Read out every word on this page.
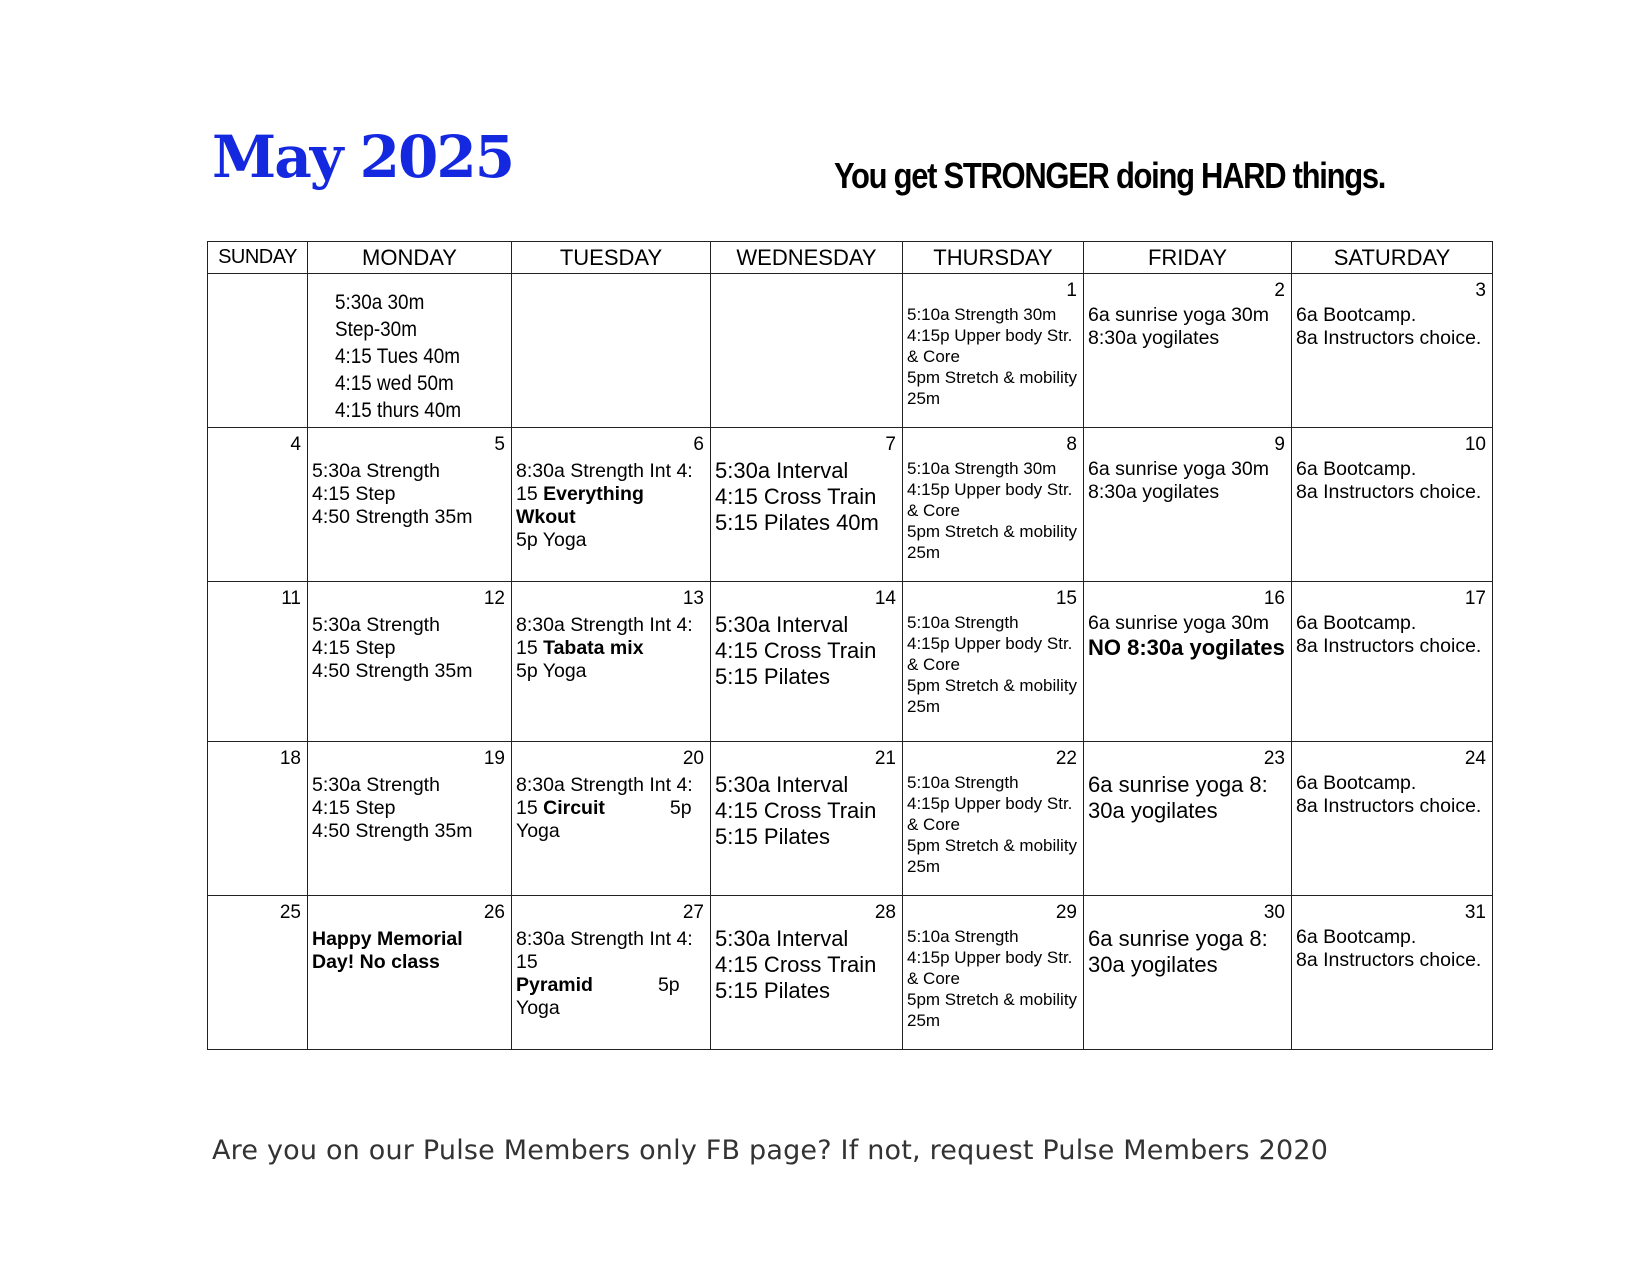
May 2025	You get STRONGER doing HARD things.
SUNDAY	MONDAY	TUESDAY	WEDNESDAY	THURSDAY	FRIDAY	SATURDAY

	5:30a 30m
Step-30m
4:15 Tues 40m
4:15 wed 50m
4:15 thurs 40m			1
5:10a Strength 30m
4:15p Upper body Str. & Core
5pm Stretch & mobility 25m	2
6a sunrise yoga 30m
8:30a yogilates	3
6a Bootcamp.
8a Instructors choice.

4	5
5:30a Strength
4:15 Step
4:50 Strength 35m	6
8:30a Strength Int 4:
15 Everything Wkout
5p Yoga	7
5:30a Interval
4:15 Cross Train
5:15 Pilates 40m	8
5:10a Strength 30m
4:15p Upper body Str. & Core
5pm Stretch & mobility 25m	9
6a sunrise yoga 30m
8:30a yogilates	10
6a Bootcamp.
8a Instructors choice.

11	12
5:30a Strength
4:15 Step
4:50 Strength 35m	13
8:30a Strength Int 4:
15 Tabata mix
5p Yoga	14
5:30a Interval
4:15 Cross Train
5:15 Pilates	15
5:10a Strength
4:15p Upper body Str. & Core
5pm Stretch & mobility 25m	16
6a sunrise yoga 30m
NO 8:30a yogilates	17
6a Bootcamp.
8a Instructors choice.

18	19
5:30a Strength
4:15 Step
4:50 Strength 35m	20
8:30a Strength Int 4:
15 Circuit            5p Yoga	21
5:30a Interval
4:15 Cross Train
5:15 Pilates	22
5:10a Strength
4:15p Upper body Str. & Core
5pm Stretch & mobility 25m	23
6a sunrise yoga 8:
30a yogilates	24
6a Bootcamp.
8a Instructors choice.

25	26
Happy Memorial Day! No class	27
8:30a Strength Int 4:
15 Pyramid            5p Yoga	28
5:30a Interval
4:15 Cross Train
5:15 Pilates	29
5:10a Strength
4:15p Upper body Str. & Core
5pm Stretch & mobility 25m	30
6a sunrise yoga 8:
30a yogilates	31
6a Bootcamp.
8a Instructors choice.

Are you on our Pulse Members only FB page? If not, request Pulse Members 2020
